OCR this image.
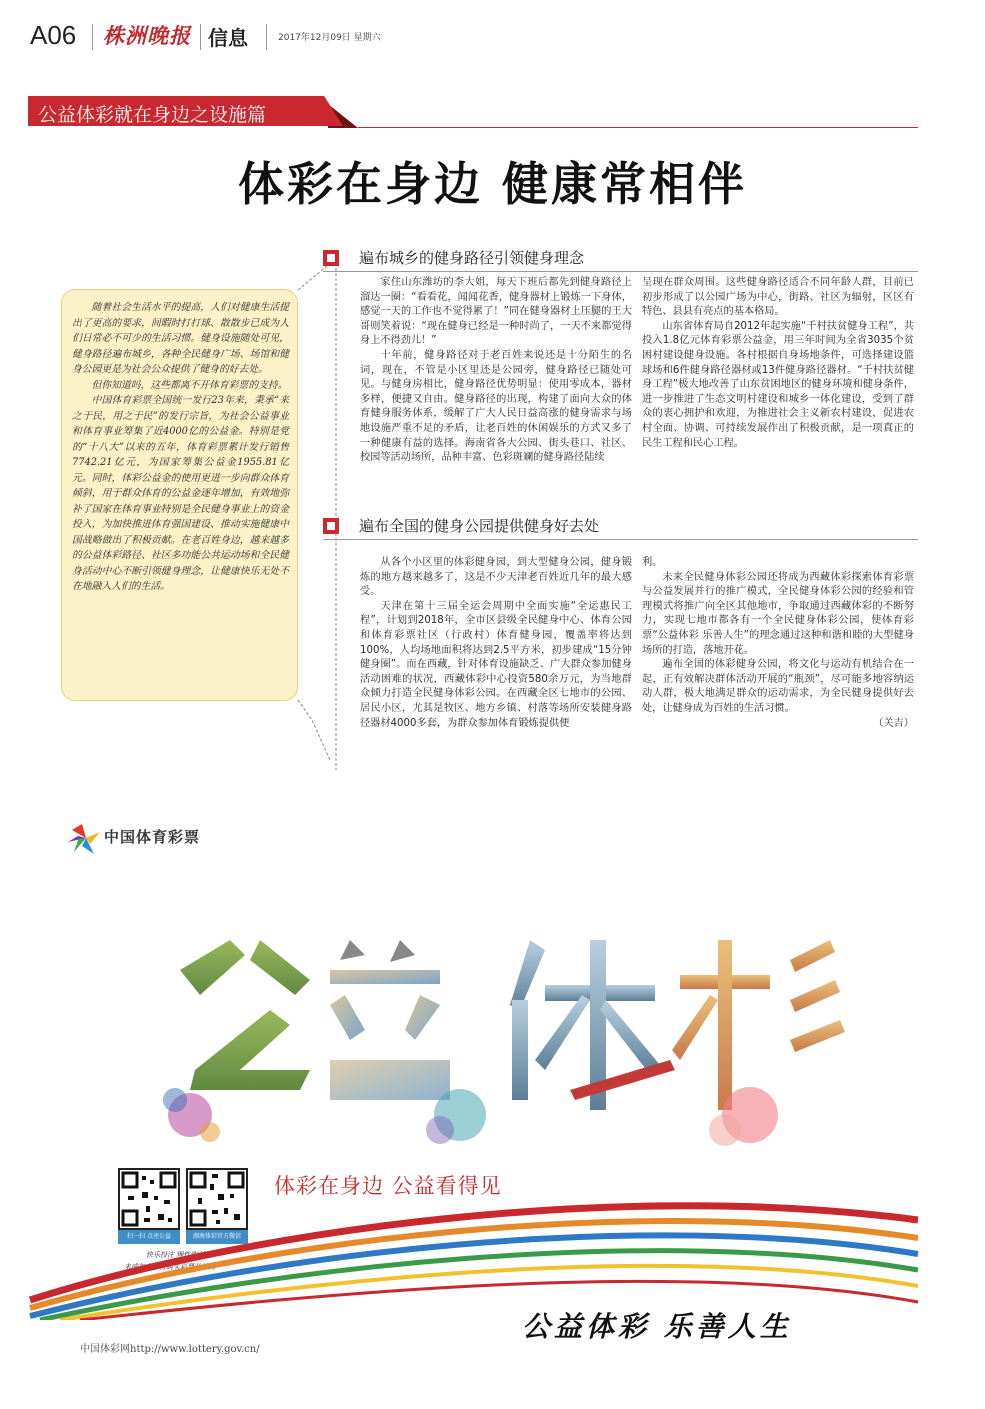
A06 株洲晚报 信息	2017年12月09日 星期六
公益体彩就在身边之设施篇
体彩在身边 健康常相伴

随着社会生活水平的提高，人们对健康生活提出了更高的要求，间暇时打打球、散散步已成为人们日常必不可少的生活习惯。健身设施随处可见，健身路径遍布城乡，各种全民健身广场、场馆和健身公园更是为社会公众提供了健身的好去处。

但你知道吗，这些都离不开体育彩票的支持。

中国体育彩票全国统一发行23年来，秉承“来之于民，用之于民”的发行宗旨，为社会公益事业和体育事业筹集了近4000亿的公益金。特别是党的“十八大”以来的五年，体育彩票累计发行销售7742.21亿元，为国家筹集公益金1955.81亿元。同时，体彩公益金的使用更进一步向群众体育倾斜，用于群众体育的公益金逐年增加，有效地弥补了国家在体育事业特别是全民健身事业上的资金投入，为加快推进体育强国建设、推动实施健康中国战略做出了积极贡献。在老百姓身边，越来越多的公益体彩路径、社区多功能公共运动场和全民健身活动中心不断引领健身理念，让健康快乐无处不在地融入人们的生活。

遍布城乡的健身路径引领健身理念

家住山东潍坊的李大姐，每天下班后都先到健身路径上溜达一圈：“看看花，闻闻花香，健身器材上锻炼一下身体，感觉一天的工作也不觉得累了！”同在健身器材上压腿的王大哥则笑着说：“现在健身已经是一种时尚了，一天不来都觉得身上不得劲儿！”

十年前，健身路径对于老百姓来说还是十分陌生的名词，现在，不管是小区里还是公园旁，健身路径已随处可见。与健身房相比，健身路径优势明显：使用零成本，器材多样，便捷又自由。健身路径的出现，构建了面向大众的体育健身服务体系，缓解了广大人民日益高涨的健身需求与场地设施严重不足的矛盾，让老百姓的休闲娱乐的方式又多了一种健康有益的选择。海南省各大公园、街头巷口、社区、校园等活动场所，品种丰富、色彩斑斓的健身路径陆续

呈现在群众周围。这些健身路径适合不同年龄人群，目前已初步形成了以公园广场为中心，街路、社区为辐射，区区有特色、县县有亮点的基本格局。

山东省体育局自2012年起实施“千村扶贫健身工程”，共投入1.8亿元体育彩票公益金，用三年时间为全省3035个贫困村建设健身设施。各村根据自身场地条件，可选择建设篮球场和6件健身路径器材或13件健身路径器材。“千村扶贫健身工程”极大地改善了山东贫困地区的健身环境和健身条件，进一步推进了生态文明村建设和城乡一体化建设，受到了群众的衷心拥护和欢迎，为推进社会主义新农村建设，促进农村全面、协调、可持续发展作出了积极贡献，是一项真正的民生工程和民心工程。

遍布全国的健身公园提供健身好去处

从各个小区里的体彩健身园，到大型健身公园，健身锻炼的地方越来越多了，这是不少天津老百姓近几年的最大感受。

天津在第十三届全运会周期中全面实施“全运惠民工程”，计划到2018年，全市区县级全民健身中心、体育公园和体育彩票社区（行政村）体育健身园，覆盖率将达到100%，人均场地面积将达到2.5平方米，初步建成“15分钟健身圈”。而在西藏，针对体育设施缺乏、广大群众参加健身活动困难的状况，西藏体彩中心投资580余万元，为当地群众倾力打造全民健身体彩公园。在西藏全区七地市的公园、居民小区，尤其是牧区、地方乡镇、村落等场所安装健身路径器材4000多套，为群众参加体育锻炼提供便

利。

未来全民健身体彩公园还将成为西藏体彩探索体育彩票与公益发展并行的推广模式，全民健身体彩公园的经验和管理模式将推广向全区其他地市，争取通过西藏体彩的不断努力，实现七地市都各有一个全民健身体彩公园，使体育彩票“公益体彩 乐善人生”的理念通过这种和谐和睦的大型健身场所的打造，落地开花。

遍布全国的体彩健身公园，将文化与运动有机结合在一起，正有效解决群体活动开展的“瓶颈”，尽可能多地容纳运动人群，极大地满足群众的运动需求，为全民健身提供好去处，让健身成为百姓的生活习惯。

（关吉）

中国体育彩票
扫一扫 点亮公益	湖南体彩官方微信
快乐投注 理性购彩
未成年人不得购买彩票及兑奖
体彩在身边 公益看得见
公益体彩 乐善人生
中国体彩网http://www.lottery.gov.cn/
